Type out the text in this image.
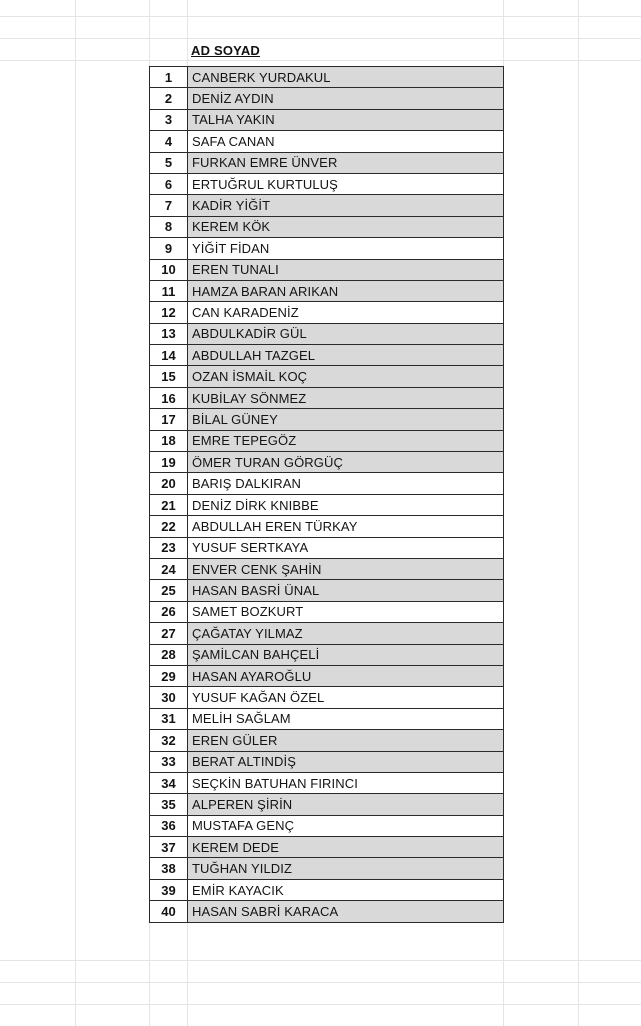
AD SOYAD
1	CANBERK YURDAKUL
2	DENİZ AYDIN
3	TALHA YAKIN
4	SAFA CANAN
5	FURKAN EMRE ÜNVER
6	ERTUĞRUL KURTULUŞ
7	KADİR YİĞİT
8	KEREM KÖK
9	YİĞİT FİDAN
10	EREN TUNALI
11	HAMZA BARAN ARIKAN
12	CAN KARADENİZ
13	ABDULKADİR GÜL
14	ABDULLAH TAZGEL
15	OZAN İSMAİL KOÇ
16	KUBİLAY SÖNMEZ
17	BİLAL GÜNEY
18	EMRE TEPEGÖZ
19	ÖMER TURAN GÖRGÜÇ
20	BARIŞ DALKIRAN
21	DENİZ DİRK KNIBBE
22	ABDULLAH EREN TÜRKAY
23	YUSUF SERTKAYA
24	ENVER CENK ŞAHİN
25	HASAN BASRİ ÜNAL
26	SAMET BOZKURT
27	ÇAĞATAY YILMAZ
28	ŞAMİLCAN BAHÇELİ
29	HASAN AYAROĞLU
30	YUSUF KAĞAN ÖZEL
31	MELİH SAĞLAM
32	EREN GÜLER
33	BERAT ALTINDİŞ
34	SEÇKİN BATUHAN FIRINCI
35	ALPEREN ŞİRİN
36	MUSTAFA GENÇ
37	KEREM DEDE
38	TUĞHAN YILDIZ
39	EMİR KAYACIK
40	HASAN SABRİ KARACA
